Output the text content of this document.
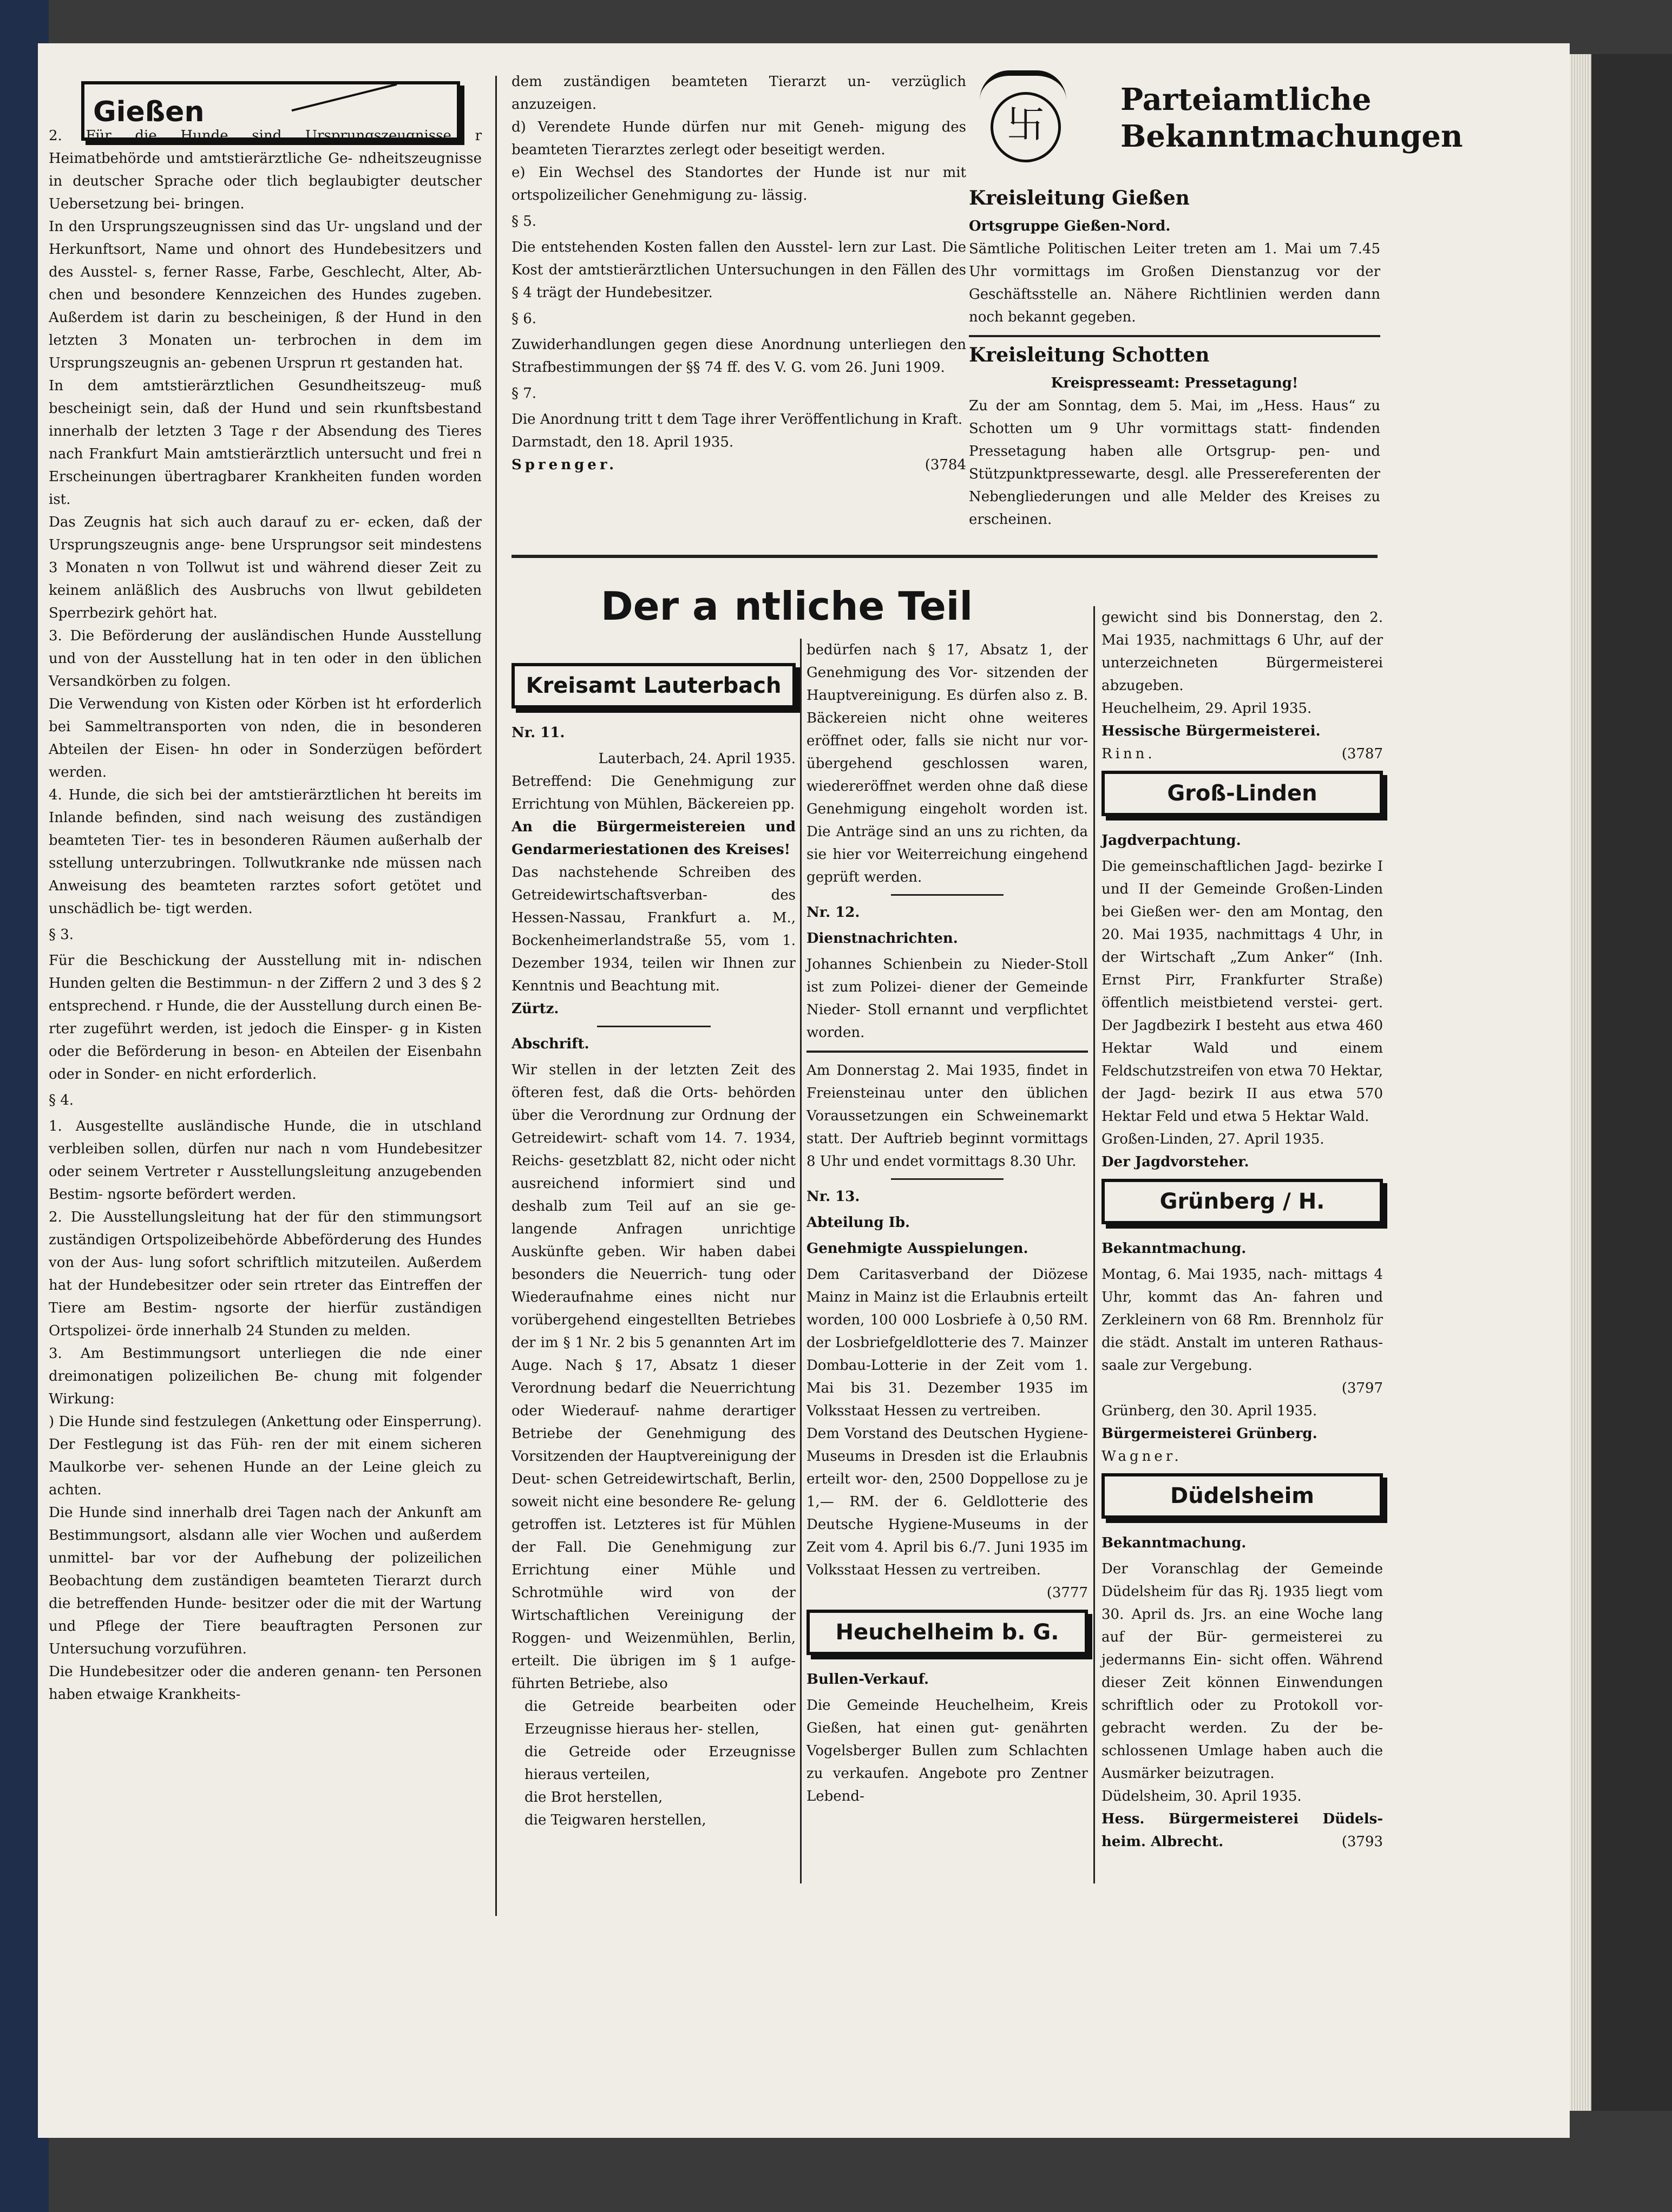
Gießen

2. Für die Hunde sind Ursprungszeugnisse r Heimatbehörde und amtstierärztliche Ge- ndheitszeugnisse in deutscher Sprache oder tlich beglaubigter deutscher Uebersetzung bei- bringen.

In den Ursprungszeugnissen sind das Ur- ungsland und der Herkunftsort, Name und ohnort des Hundebesitzers und des Ausstel- s, ferner Rasse, Farbe, Geschlecht, Alter, Ab- chen und besondere Kennzeichen des Hundes zugeben. Außerdem ist darin zu bescheinigen, ß der Hund in den letzten 3 Monaten un- terbrochen in dem im Ursprungszeugnis an- gebenen Ursprun rt gestanden hat.

In dem amtstierärztlichen Gesundheitszeug- muß bescheinigt sein, daß der Hund und sein rkunftsbestand innerhalb der letzten 3 Tage r der Absendung des Tieres nach Frankfurt Main amtstierärztlich untersucht und frei n Erscheinungen übertragbarer Krankheiten funden worden ist.

Das Zeugnis hat sich auch darauf zu er- ecken, daß der Ursprungszeugnis ange- bene Ursprungsor seit mindestens 3 Monaten n von Tollwut ist und während dieser Zeit zu keinem anläßlich des Ausbruchs von llwut gebildeten Sperrbezirk gehört hat.

3. Die Beförderung der ausländischen Hunde Ausstellung und von der Ausstellung hat in ten oder in den üblichen Versandkörben zu folgen.

Die Verwendung von Kisten oder Körben ist ht erforderlich bei Sammeltransporten von nden, die in besonderen Abteilen der Eisen- hn oder in Sonderzügen befördert werden.

4. Hunde, die sich bei der amtstierärztlichen ht bereits im Inlande befinden, sind nach weisung des zuständigen beamteten Tier- tes in besonderen Räumen außerhalb der sstellung unterzubringen. Tollwutkranke nde müssen nach Anweisung des beamteten rarztes sofort getötet und unschädlich be- tigt werden.

§ 3.

Für die Beschickung der Ausstellung mit in- ndischen Hunden gelten die Bestimmun- n der Ziffern 2 und 3 des § 2 entsprechend. r Hunde, die der Ausstellung durch einen Be- rter zugeführt werden, ist jedoch die Einsper- g in Kisten oder die Beförderung in beson- en Abteilen der Eisenbahn oder in Sonder- en nicht erforderlich.

§ 4.

1. Ausgestellte ausländische Hunde, die in utschland verbleiben sollen, dürfen nur nach n vom Hundebesitzer oder seinem Vertreter r Ausstellungsleitung anzugebenden Bestim- ngsorte befördert werden.

2. Die Ausstellungsleitung hat der für den stimmungsort zuständigen Ortspolizeibehörde Abbeförderung des Hundes von der Aus- lung sofort schriftlich mitzuteilen. Außerdem hat der Hundebesitzer oder sein rtreter das Eintreffen der Tiere am Bestim- ngsorte der hierfür zuständigen Ortspolizei- örde innerhalb 24 Stunden zu melden.

3. Am Bestimmungsort unterliegen die nde einer dreimonatigen polizeilichen Be- chung mit folgender Wirkung:

) Die Hunde sind festzulegen (Ankettung oder Einsperrung). Der Festlegung ist das Füh- ren der mit einem sicheren Maulkorbe ver- sehenen Hunde an der Leine gleich zu achten.

Die Hunde sind innerhalb drei Tagen nach der Ankunft am Bestimmungsort, alsdann alle vier Wochen und außerdem unmittel- bar vor der Aufhebung der polizeilichen Beobachtung dem zuständigen beamteten Tierarzt durch die betreffenden Hunde- besitzer oder die mit der Wartung und Pflege der Tiere beauftragten Personen zur Untersuchung vorzuführen.

Die Hundebesitzer oder die anderen genann- ten Personen haben etwaige Krankheits-

dem zuständigen beamteten Tierarzt un- verzüglich anzuzeigen.

d) Verendete Hunde dürfen nur mit Geneh- migung des beamteten Tierarztes zerlegt oder beseitigt werden.

e) Ein Wechsel des Standortes der Hunde ist nur mit ortspolizeilicher Genehmigung zu- lässig.

§ 5.

Die entstehenden Kosten fallen den Ausstel- lern zur Last. Die Kost der amtstierärztlichen Untersuchungen in den Fällen des § 4 trägt der Hundebesitzer.

§ 6.

Zuwiderhandlungen gegen diese Anordnung unterliegen den Strafbestimmungen der §§ 74 ff. des V. G. vom 26. Juni 1909.

§ 7.

Die Anordnung tritt t dem Tage ihrer Veröffentlichung in Kraft.

Darmstadt, den 18. April 1935.

Sprenger.	(3784

卐
Parteiamtliche
Bekanntmachungen

Kreisleitung Gießen

Ortsgruppe Gießen-Nord.

Sämtliche Politischen Leiter treten am 1. Mai um 7.45 Uhr vormittags im Großen Dienstanzug vor der Geschäftsstelle an. Nähere Richtlinien werden dann noch bekannt gegeben.

Kreisleitung Schotten

Kreispresseamt: Pressetagung!

Zu der am Sonntag, dem 5. Mai, im „Hess. Haus“ zu Schotten um 9 Uhr vormittags statt- findenden Pressetagung haben alle Ortsgrup- pen- und Stützpunktpressewarte, desgl. alle Pressereferenten der Nebengliederungen und alle Melder des Kreises zu erscheinen.

Der a  ntliche Teil
Kreisamt Lauterbach

Nr. 11.

Lauterbach, 24. April 1935.

Betreffend: Die Genehmigung zur Errichtung von Mühlen, Bäckereien pp.

An die Bürgermeistereien und Gendarmeriestationen des Kreises!

Das nachstehende Schreiben des Getreidewirtschaftsverban- des Hessen-Nassau, Frankfurt a. M., Bockenheimerlandstraße 55, vom 1. Dezember 1934, teilen wir Ihnen zur Kenntnis und Beachtung mit.

Zürtz.

Abschrift.

Wir stellen in der letzten Zeit des öfteren fest, daß die Orts- behörden über die Verordnung zur Ordnung der Getreidewirt- schaft vom 14. 7. 1934, Reichs- gesetzblatt 82, nicht oder nicht ausreichend informiert sind und deshalb zum Teil auf an sie ge- langende Anfragen unrichtige Auskünfte geben. Wir haben dabei besonders die Neuerrich- tung oder Wiederaufnahme eines nicht nur vorübergehend eingestellten Betriebes der im § 1 Nr. 2 bis 5 genannten Art im Auge. Nach § 17, Absatz 1 dieser Verordnung bedarf die Neuerrichtung oder Wiederauf- nahme derartiger Betriebe der Genehmigung des Vorsitzenden der Hauptvereinigung der Deut- schen Getreidewirtschaft, Berlin, soweit nicht eine besondere Re- gelung getroffen ist. Letzteres ist für Mühlen der Fall. Die Genehmigung zur Errichtung einer Mühle und Schrotmühle wird von der Wirtschaftlichen Vereinigung der Roggen- und Weizenmühlen, Berlin, erteilt. Die übrigen im § 1 aufge- führten Betriebe, also

die Getreide bearbeiten oder Erzeugnisse hieraus her- stellen,

die Getreide oder Erzeugnisse hieraus verteilen,

die Brot herstellen,

die Teigwaren herstellen,

bedürfen nach § 17, Absatz 1, der Genehmigung des Vor- sitzenden der Hauptvereinigung. Es dürfen also z. B. Bäckereien nicht ohne weiteres eröffnet oder, falls sie nicht nur vor- übergehend geschlossen waren, wiedereröffnet werden ohne daß diese Genehmigung eingeholt worden ist. Die Anträge sind an uns zu richten, da sie hier vor Weiterreichung eingehend geprüft werden.

Nr. 12.

Dienstnachrichten.

Johannes Schienbein zu Nieder-Stoll ist zum Polizei- diener der Gemeinde Nieder- Stoll ernannt und verpflichtet worden.

Am Donnerstag 2. Mai 1935, findet in Freiensteinau unter den üblichen Voraussetzungen ein Schweinemarkt statt. Der Auftrieb beginnt vormittags 8 Uhr und endet vormittags 8.30 Uhr.

Nr. 13.

Abteilung Ib.

Genehmigte Ausspielungen.

Dem Caritasverband der Diözese Mainz in Mainz ist die Erlaubnis erteilt worden, 100 000 Losbriefe à 0,50 RM. der Losbriefgeldlotterie des 7. Mainzer Dombau-Lotterie in der Zeit vom 1. Mai bis 31. Dezember 1935 im Volksstaat Hessen zu vertreiben.

Dem Vorstand des Deutschen Hygiene-Museums in Dresden ist die Erlaubnis erteilt wor- den, 2500 Doppellose zu je 1,— RM. der 6. Geldlotterie des Deutsche Hygiene-Museums in der Zeit vom 4. April bis 6./7. Juni 1935 im Volksstaat Hessen zu vertreiben.

(3777

Heuchelheim b. G.

Bullen-Verkauf.

Die Gemeinde Heuchelheim, Kreis Gießen, hat einen gut- genährten Vogelsberger Bullen zum Schlachten zu verkaufen. Angebote pro Zentner Lebend-

gewicht sind bis Donnerstag, den 2. Mai 1935, nachmittags 6 Uhr, auf der unterzeichneten Bürgermeisterei abzugeben.

Heuchelheim, 29. April 1935.

Hessische Bürgermeisterei.

Rinn.	(3787

Groß-Linden

Jagdverpachtung.

Die gemeinschaftlichen Jagd- bezirke I und II der Gemeinde Großen-Linden bei Gießen wer- den am Montag, den 20. Mai 1935, nachmittags 4 Uhr, in der Wirtschaft „Zum Anker“ (Inh. Ernst Pirr, Frankfurter Straße) öffentlich meistbietend verstei- gert. Der Jagdbezirk I besteht aus etwa 460 Hektar Wald und einem Feldschutzstreifen von etwa 70 Hektar, der Jagd- bezirk II aus etwa 570 Hektar Feld und etwa 5 Hektar Wald.

Großen-Linden, 27. April 1935.

Der Jagdvorsteher.

Grünberg / H.

Bekanntmachung.

Montag, 6. Mai 1935, nach- mittags 4 Uhr, kommt das An- fahren und Zerkleinern von 68 Rm. Brennholz für die städt. Anstalt im unteren Rathaus- saale zur Vergebung.

(3797

Grünberg, den 30. April 1935.

Bürgermeisterei Grünberg.

Wagner.

Düdelsheim

Bekanntmachung.

Der Voranschlag der Gemeinde Düdelsheim für das Rj. 1935 liegt vom 30. April ds. Jrs. an eine Woche lang auf der Bür- germeisterei zu jedermanns Ein- sicht offen. Während dieser Zeit können Einwendungen schriftlich oder zu Protokoll vor- gebracht werden. Zu der be- schlossenen Umlage haben auch die Ausmärker beizutragen.

Düdelsheim, 30. April 1935.

Hess. Bürgermeisterei Düdels- heim. Albrecht.	(3793
